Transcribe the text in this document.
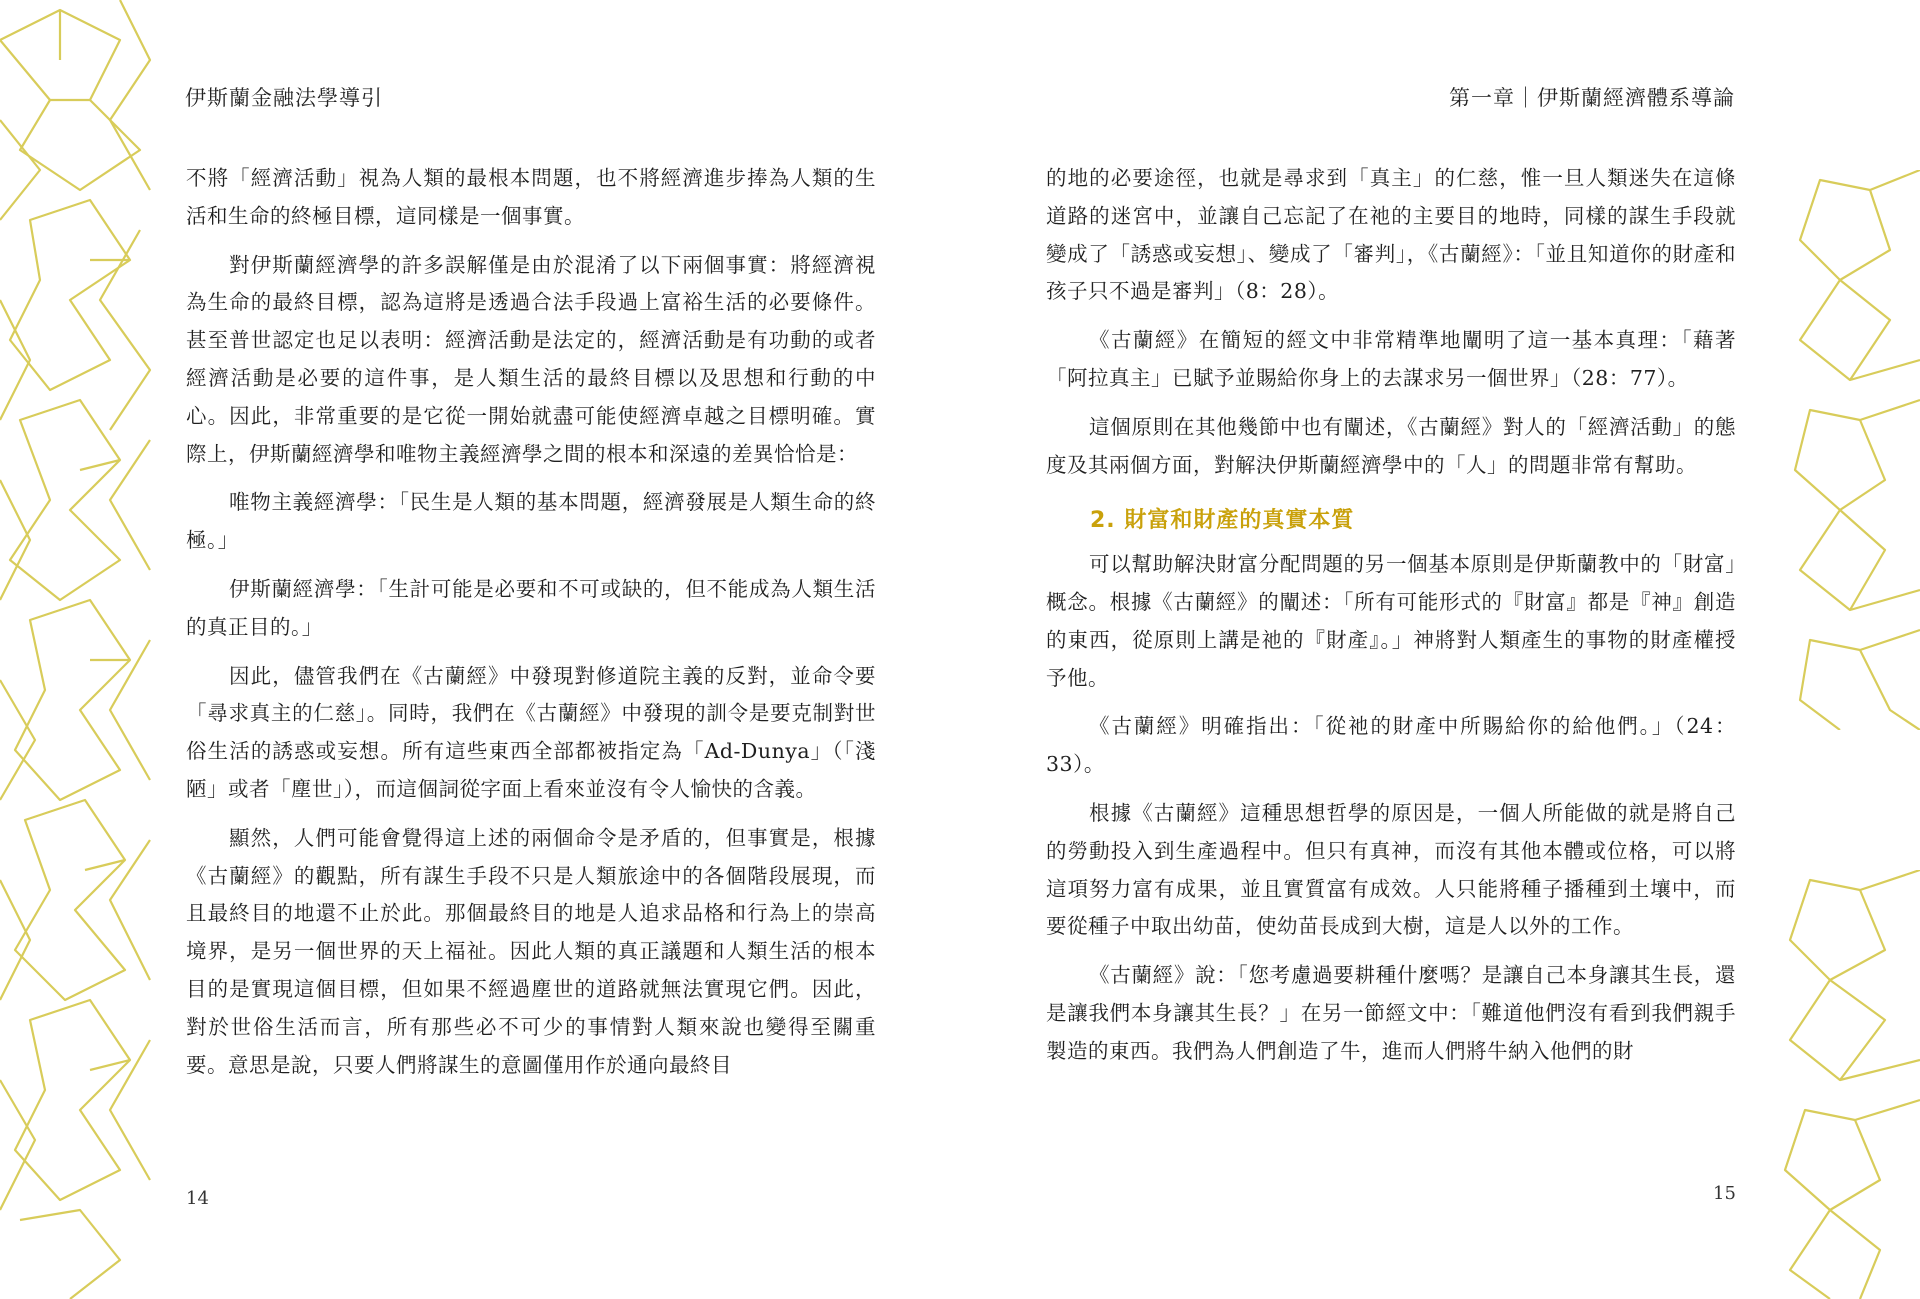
伊斯蘭金融法學導引	第一章｜伊斯蘭經濟體系導論

不將「經濟活動」視為人類的最根本問題，也不將經濟進步捧為人類的生活和生命的終極目標，這同樣是一個事實。

對伊斯蘭經濟學的許多誤解僅是由於混淆了以下兩個事實：將經濟視為生命的最終目標，認為這將是透過合法手段過上富裕生活的必要條件。甚至普世認定也足以表明：經濟活動是法定的，經濟活動是有功動的或者經濟活動是必要的這件事，是人類生活的最終目標以及思想和行動的中心。因此，非常重要的是它從一開始就盡可能使經濟卓越之目標明確。實際上，伊斯蘭經濟學和唯物主義經濟學之間的根本和深遠的差異恰恰是：

唯物主義經濟學：「民生是人類的基本問題，經濟發展是人類生命的終極。」

伊斯蘭經濟學：「生計可能是必要和不可或缺的，但不能成為人類生活的真正目的。」

因此，儘管我們在《古蘭經》中發現對修道院主義的反對，並命令要「尋求真主的仁慈」。同時，我們在《古蘭經》中發現的訓令是要克制對世俗生活的誘惑或妄想。所有這些東西全部都被指定為「Ad-Dunya」（「淺陋」或者「塵世」），而這個詞從字面上看來並沒有令人愉快的含義。

顯然，人們可能會覺得這上述的兩個命令是矛盾的，但事實是，根據《古蘭經》的觀點，所有謀生手段不只是人類旅途中的各個階段展現，而且最終目的地還不止於此。那個最終目的地是人追求品格和行為上的崇高境界，是另一個世界的天上福祉。因此人類的真正議題和人類生活的根本目的是實現這個目標，但如果不經過塵世的道路就無法實現它們。因此，對於世俗生活而言，所有那些必不可少的事情對人類來說也變得至關重要。意思是說，只要人們將謀生的意圖僅用作於通向最終目

的地的必要途徑，也就是尋求到「真主」的仁慈，惟一旦人類迷失在這條道路的迷宮中，並讓自己忘記了在祂的主要目的地時，同樣的謀生手段就變成了「誘惑或妄想」、變成了「審判」，《古蘭經》：「並且知道你的財產和孩子只不過是審判」（8：28）。

《古蘭經》在簡短的經文中非常精準地闡明了這一基本真理：「藉著「阿拉真主」已賦予並賜給你身上的去謀求另一個世界」（28：77）。

這個原則在其他幾節中也有闡述，《古蘭經》對人的「經濟活動」的態度及其兩個方面，對解決伊斯蘭經濟學中的「人」的問題非常有幫助。

2. 財富和財產的真實本質

可以幫助解決財富分配問題的另一個基本原則是伊斯蘭教中的「財富」概念。根據《古蘭經》的闡述：「所有可能形式的『財富』都是『神』創造的東西，從原則上講是祂的『財產』。」神將對人類產生的事物的財產權授予他。

《古蘭經》明確指出：「從祂的財產中所賜給你的給他們。」（24：33）。

根據《古蘭經》這種思想哲學的原因是，一個人所能做的就是將自己的勞動投入到生產過程中。但只有真神，而沒有其他本體或位格，可以將這項努力富有成果，並且實質富有成效。人只能將種子播種到土壤中，而要從種子中取出幼苗，使幼苗長成到大樹，這是人以外的工作。

《古蘭經》說：「您考慮過要耕種什麼嗎？是讓自己本身讓其生長，還是讓我們本身讓其生長？」在另一節經文中：「難道他們沒有看到我們親手製造的東西。我們為人們創造了牛，進而人們將牛納入他們的財

14	15
